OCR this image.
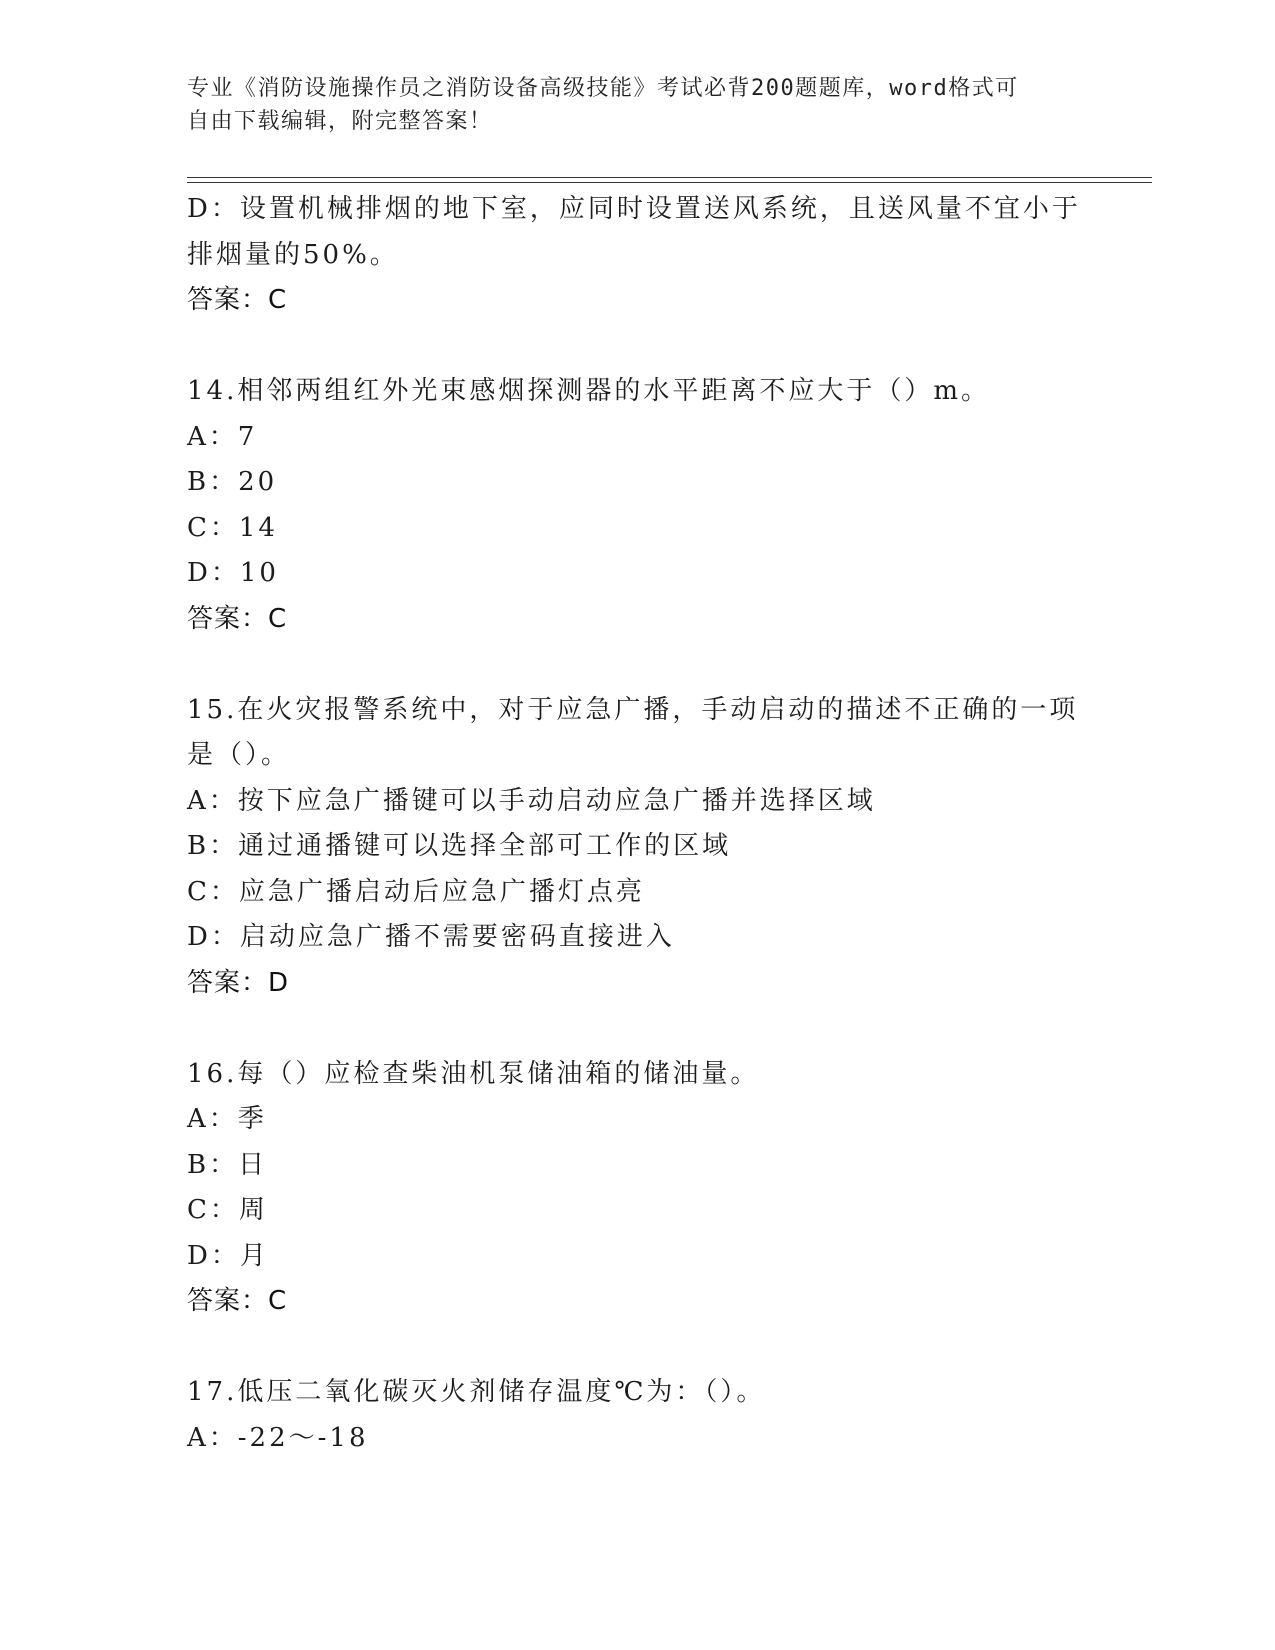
专业《消防设施操作员之消防设备高级技能》考试必背200题题库，word格式可
自由下载编辑，附完整答案！
D：设置机械排烟的地下室，应同时设置送风系统，且送风量不宜小于
排烟量的50%。
答案：C
14.相邻两组红外光束感烟探测器的水平距离不应大于（）m。
A：7
B：20
C：14
D：10
答案：C
15.在火灾报警系统中，对于应急广播，手动启动的描述不正确的一项
是（）。
A：按下应急广播键可以手动启动应急广播并选择区域
B：通过通播键可以选择全部可工作的区域
C：应急广播启动后应急广播灯点亮
D：启动应急广播不需要密码直接进入
答案：D
16.每（）应检查柴油机泵储油箱的储油量。
A：季
B：日
C：周
D：月
答案：C
17.低压二氧化碳灭火剂储存温度℃为：（）。
A：-22～-18
